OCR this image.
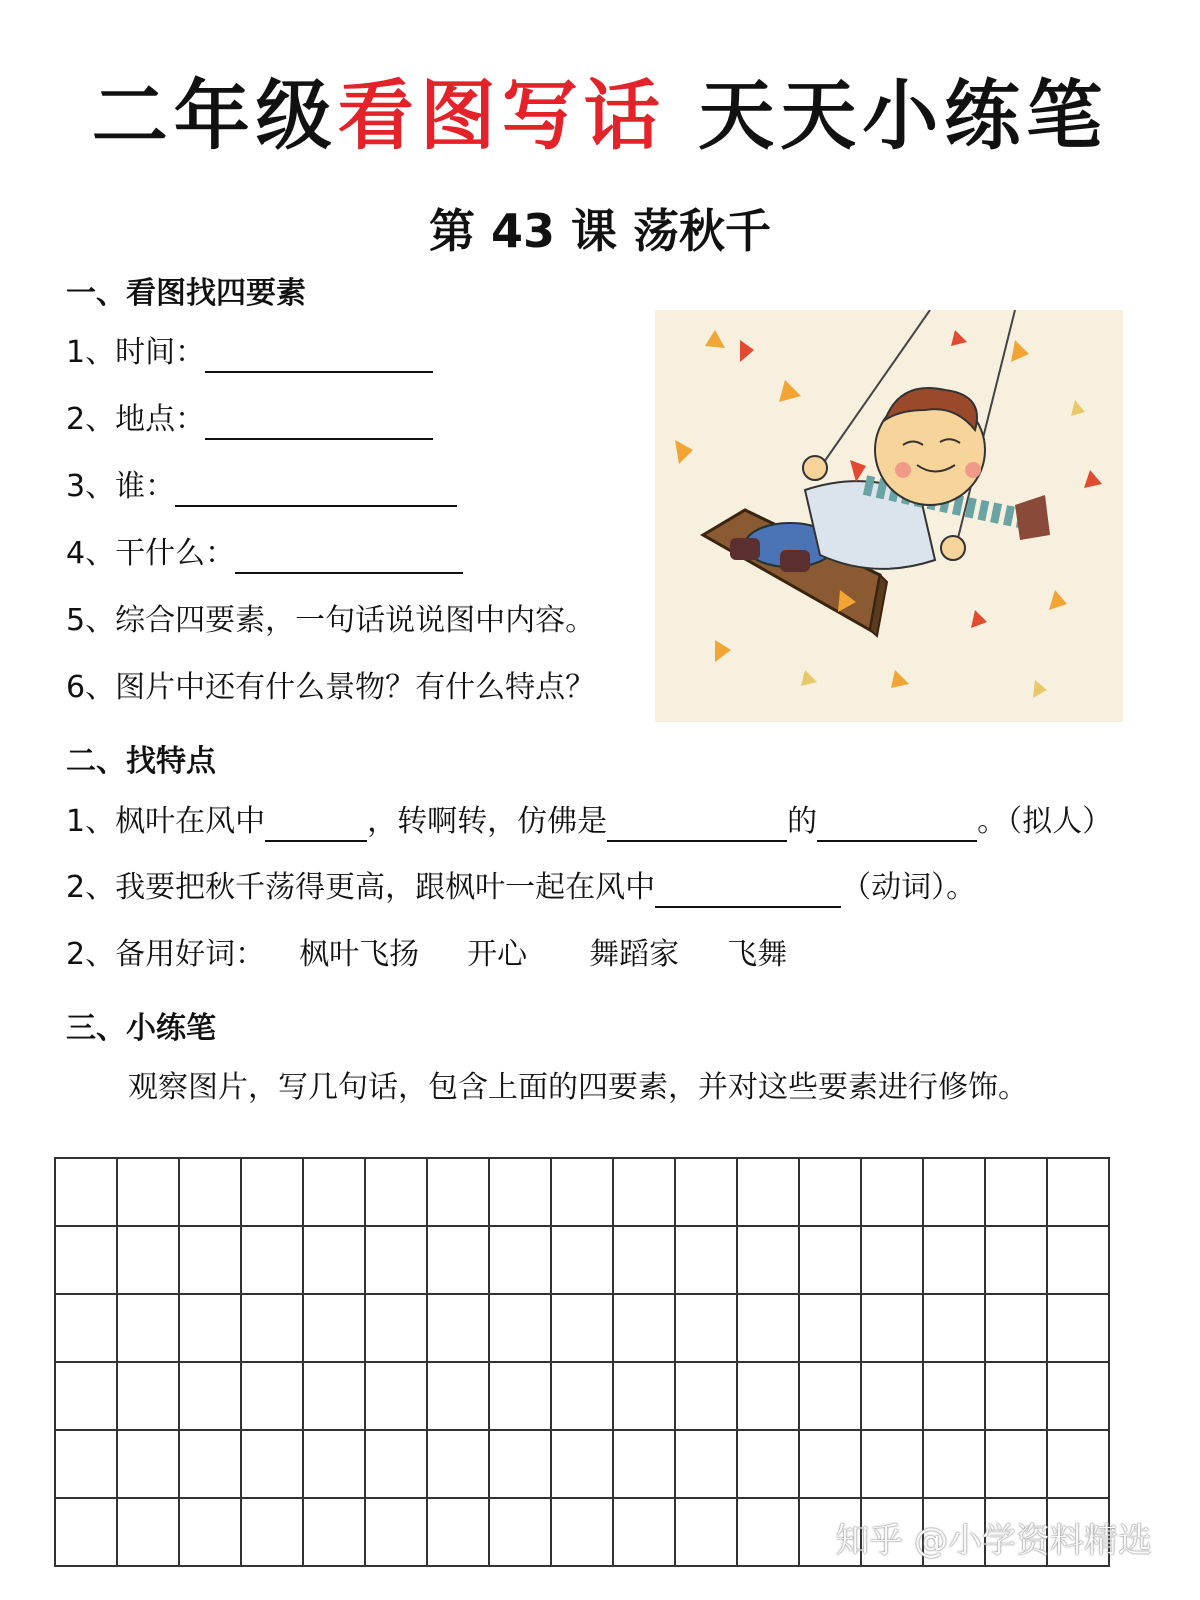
二年级看图写话 天天小练笔
第 43 课 荡秋千
一、看图找四要素
1、时间：
2、地点：
3、谁：
4、干什么：
5、综合四要素，一句话说说图中内容。
6、图片中还有什么景物？有什么特点？
二、找特点
1、枫叶在风中	，转啊转，仿佛是	的	。（拟人）
2、我要把秋千荡得更高，跟枫叶一起在风中	（动词）。
2、备用好词： 枫叶飞扬 开心 舞蹈家 飞舞
三、小练笔
观察图片，写几句话，包含上面的四要素，并对这些要素进行修饰。
知乎 @小学资料精选
